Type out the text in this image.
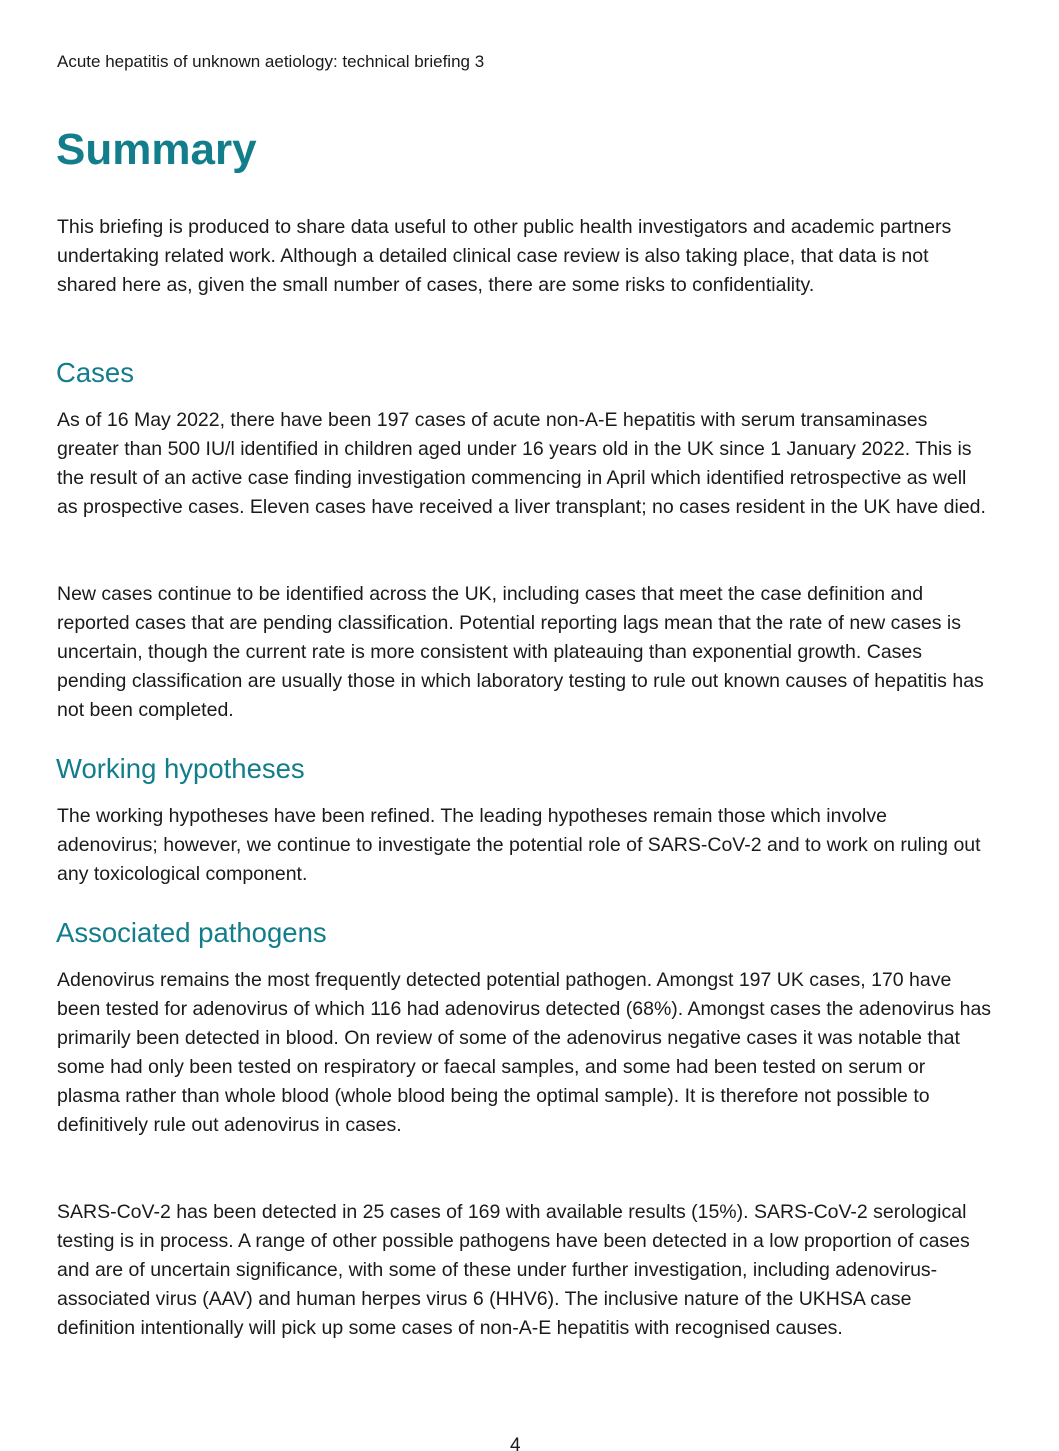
Acute hepatitis of unknown aetiology: technical briefing 3
Summary

This briefing is produced to share data useful to other public health investigators and academic partners undertaking related work. Although a detailed clinical case review is also taking place, that data is not shared here as, given the small number of cases, there are some risks to confidentiality.

Cases

As of 16 May 2022, there have been 197 cases of acute non-A-E hepatitis with serum transaminases greater than 500 IU/l identified in children aged under 16 years old in the UK since 1 January 2022. This is the result of an active case finding investigation commencing in April which identified retrospective as well as prospective cases. Eleven cases have received a liver transplant; no cases resident in the UK have died.

New cases continue to be identified across the UK, including cases that meet the case definition and reported cases that are pending classification. Potential reporting lags mean that the rate of new cases is uncertain, though the current rate is more consistent with plateauing than exponential growth. Cases pending classification are usually those in which laboratory testing to rule out known causes of hepatitis has not been completed.

Working hypotheses

The working hypotheses have been refined. The leading hypotheses remain those which involve adenovirus; however, we continue to investigate the potential role of SARS-CoV-2 and to work on ruling out any toxicological component.

Associated pathogens

Adenovirus remains the most frequently detected potential pathogen. Amongst 197 UK cases, 170 have been tested for adenovirus of which 116 had adenovirus detected (68%). Amongst cases the adenovirus has primarily been detected in blood. On review of some of the adenovirus negative cases it was notable that some had only been tested on respiratory or faecal samples, and some had been tested on serum or plasma rather than whole blood (whole blood being the optimal sample). It is therefore not possible to definitively rule out adenovirus in cases.

SARS-CoV-2 has been detected in 25 cases of 169 with available results (15%). SARS-CoV-2 serological testing is in process. A range of other possible pathogens have been detected in a low proportion of cases and are of uncertain significance, with some of these under further investigation, including adenovirus-associated virus (AAV) and human herpes virus 6 (HHV6). The inclusive nature of the UKHSA case definition intentionally will pick up some cases of non-A-E hepatitis with recognised causes.

4
